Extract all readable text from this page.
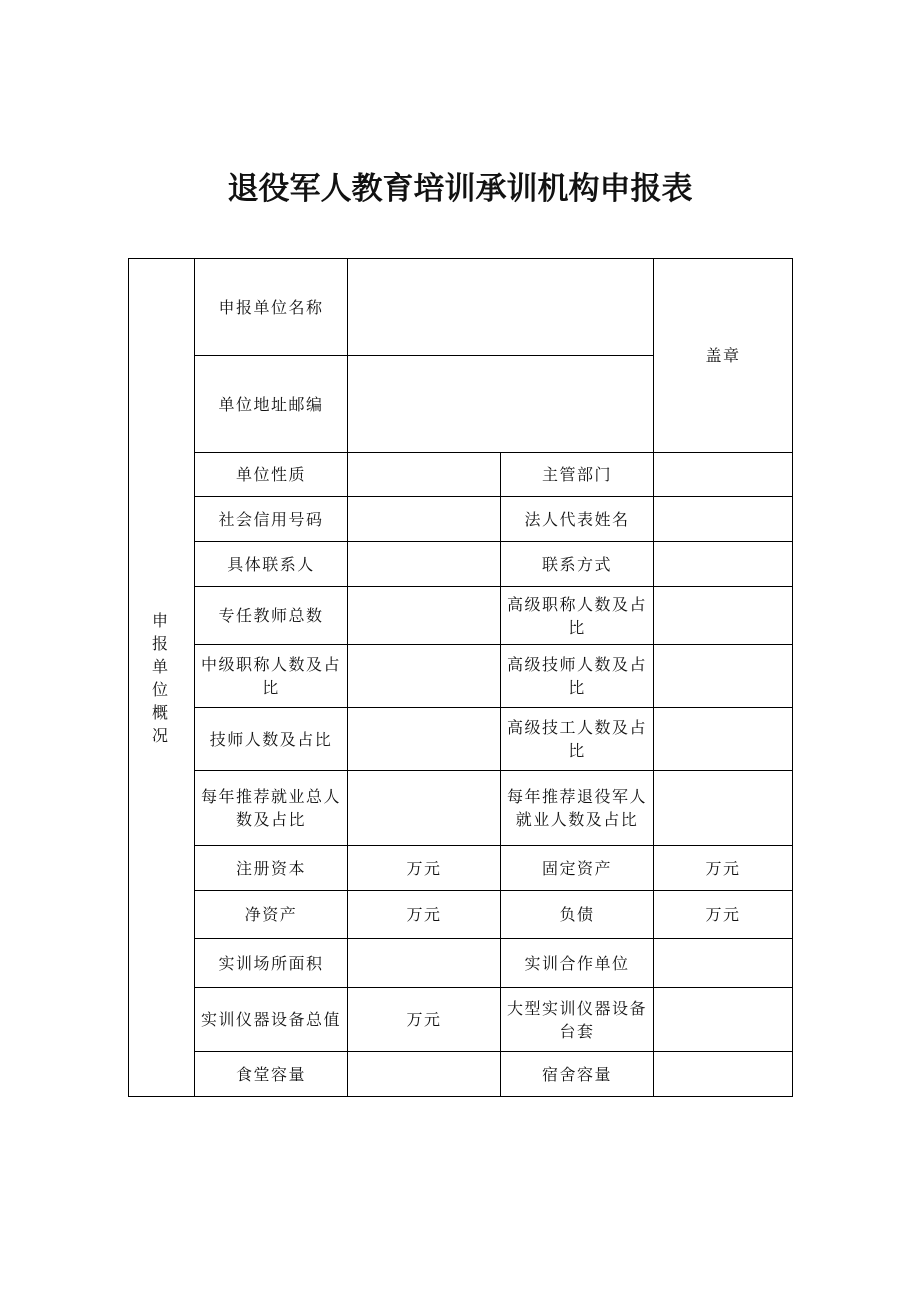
退役军人教育培训承训机构申报表
申报单位概况	申报单位名称			盖章
	单位地址邮编			
	单位性质		主管部门	
	社会信用号码		法人代表姓名	
	具体联系人		联系方式	
	专任教师总数		高级职称人数及占比	
	中级职称人数及占比		高级技师人数及占比	
	技师人数及占比		高级技工人数及占比	
	每年推荐就业总人数及占比		每年推荐退役军人就业人数及占比	
	注册资本	万元	固定资产	万元
	净资产	万元	负债	万元
	实训场所面积		实训合作单位	
	实训仪器设备总值	万元	大型实训仪器设备台套	
	食堂容量		宿舍容量	
